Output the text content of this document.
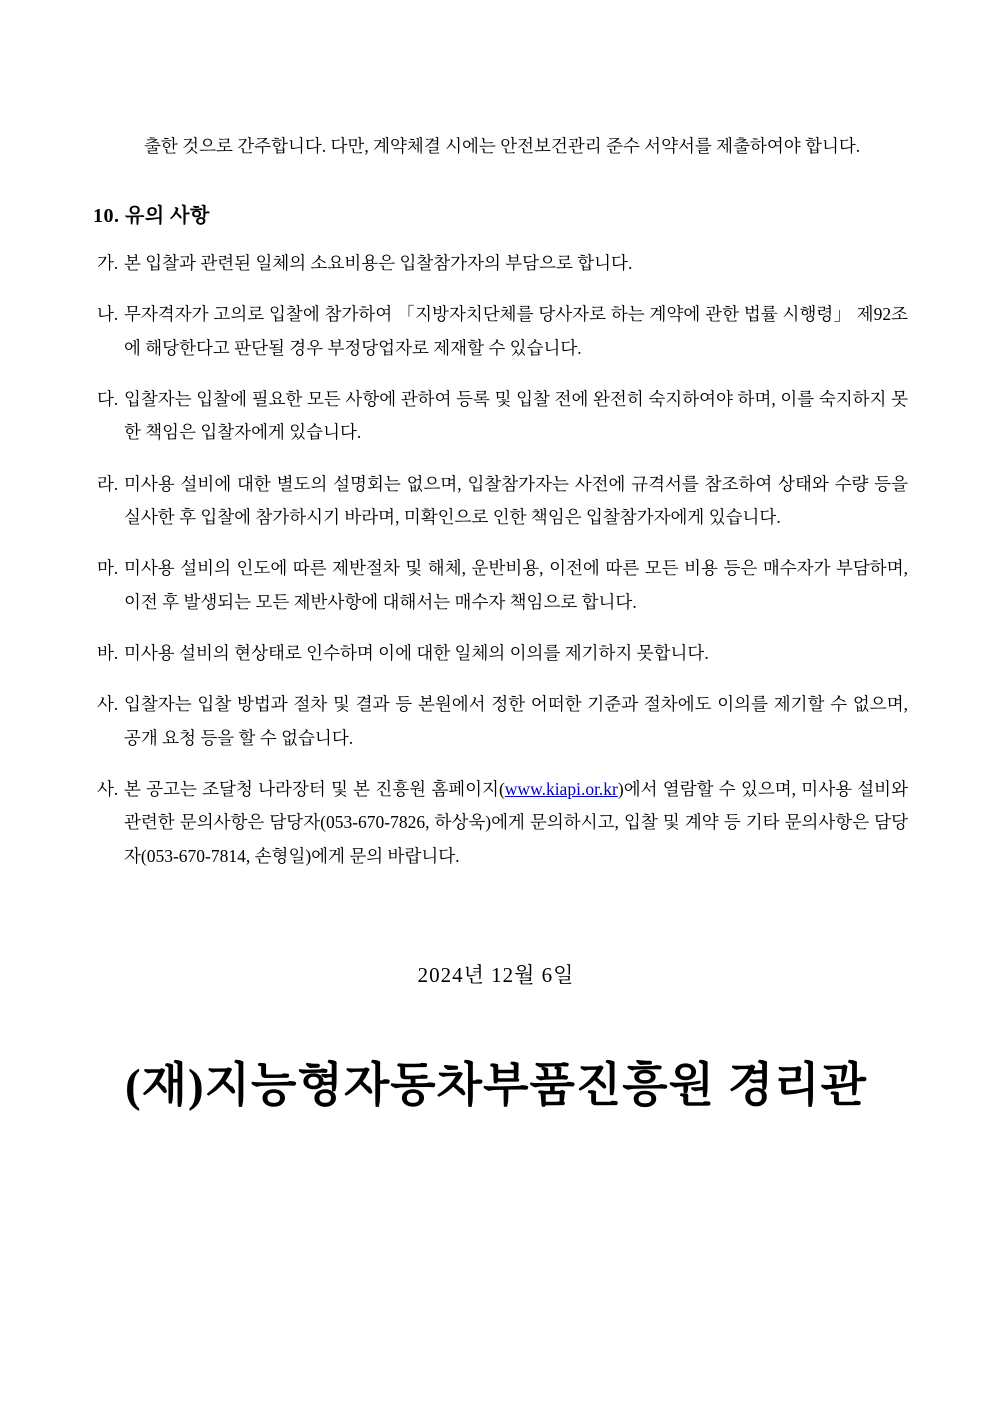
출한 것으로 간주합니다. 다만, 계약체결 시에는 안전보건관리 준수 서약서를 제출하여야 합니다.

10. 유의 사항

가. 본 입찰과 관련된 일체의 소요비용은 입찰참가자의 부담으로 합니다.

나. 무자격자가 고의로 입찰에 참가하여 「지방자치단체를 당사자로 하는 계약에 관한 법률 시행령」 제92조에 해당한다고 판단될 경우 부정당업자로 제재할 수 있습니다.

다. 입찰자는 입찰에 필요한 모든 사항에 관하여 등록 및 입찰 전에 완전히 숙지하여야 하며, 이를 숙지하지 못한 책임은 입찰자에게 있습니다.

라. 미사용 설비에 대한 별도의 설명회는 없으며, 입찰참가자는 사전에 규격서를 참조하여 상태와 수량 등을 실사한 후 입찰에 참가하시기 바라며, 미확인으로 인한 책임은 입찰참가자에게 있습니다.

마. 미사용 설비의 인도에 따른 제반절차 및 해체, 운반비용, 이전에 따른 모든 비용 등은 매수자가 부담하며, 이전 후 발생되는 모든 제반사항에 대해서는 매수자 책임으로 합니다.

바. 미사용 설비의 현상태로 인수하며 이에 대한 일체의 이의를 제기하지 못합니다.

사. 입찰자는 입찰 방법과 절차 및 결과 등 본원에서 정한 어떠한 기준과 절차에도 이의를 제기할 수 없으며, 공개 요청 등을 할 수 없습니다.

사. 본 공고는 조달청 나라장터 및 본 진흥원 홈페이지(www.kiapi.or.kr)에서 열람할 수 있으며, 미사용 설비와 관련한 문의사항은 담당자(053-670-7826, 하상욱)에게 문의하시고, 입찰 및 계약 등 기타 문의사항은 담당자(053-670-7814, 손형일)에게 문의 바랍니다.

2024년 12월 6일

(재)지능형자동차부품진흥원 경리관
